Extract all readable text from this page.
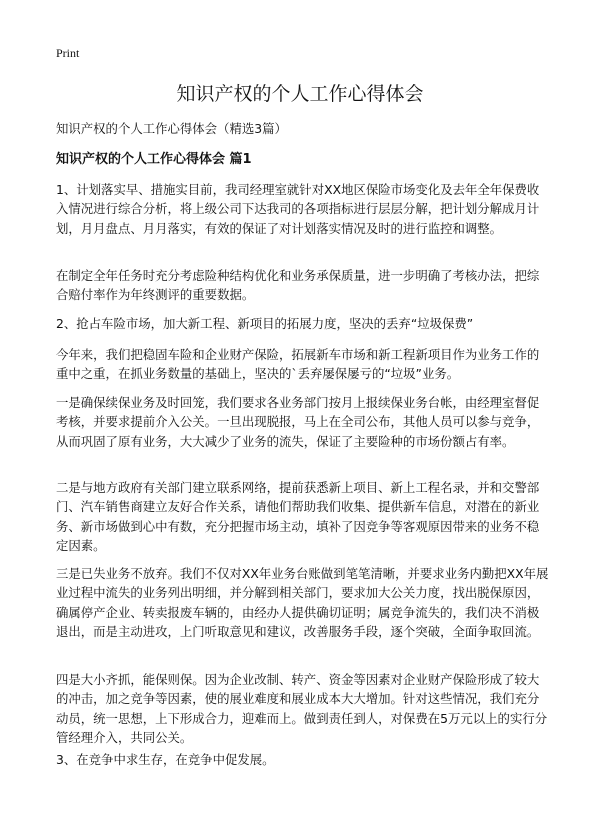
Print
知识产权的个人工作心得体会

知识产权的个人工作心得体会（精选3篇）

知识产权的个人工作心得体会 篇1

1、计划落实早、措施实目前，我司经理室就针对XX地区保险市场变化及去年全年保费收入情况进行综合分析，将上级公司下达我司的各项指标进行层层分解，把计划分解成月计划，月月盘点、月月落实，有效的保证了对计划落实情况及时的进行监控和调整。

在制定全年任务时充分考虑险种结构优化和业务承保质量，进一步明确了考核办法，把综合赔付率作为年终测评的重要数据。

2、抢占车险市场，加大新工程、新项目的拓展力度，坚决的丢弃“垃圾保费”

今年来，我们把稳固车险和企业财产保险，拓展新车市场和新工程新项目作为业务工作的重中之重，在抓业务数量的基础上，坚决的`丢弃屡保屡亏的“垃圾”业务。

一是确保续保业务及时回笼，我们要求各业务部门按月上报续保业务台帐，由经理室督促考核，并要求提前介入公关。一旦出现脱报，马上在全司公布，其他人员可以参与竞争，从而巩固了原有业务，大大减少了业务的流失，保证了主要险种的市场份额占有率。

二是与地方政府有关部门建立联系网络，提前获悉新上项目、新上工程名录，并和交警部门、汽车销售商建立友好合作关系，请他们帮助我们收集、提供新车信息，对潜在的新业务、新市场做到心中有数，充分把握市场主动，填补了因竞争等客观原因带来的业务不稳定因素。

三是已失业务不放弃。我们不仅对XX年业务台账做到笔笔清晰，并要求业务内勤把XX年展业过程中流失的业务列出明细，并分解到相关部门，要求加大公关力度，找出脱保原因，确属停产企业、转卖报废车辆的，由经办人提供确切证明；属竞争流失的，我们决不消极退出，而是主动进攻，上门听取意见和建议，改善服务手段，逐个突破，全面争取回流。

四是大小齐抓，能保则保。因为企业改制、转产、资金等因素对企业财产保险形成了较大的冲击，加之竞争等因素，使的展业难度和展业成本大大增加。针对这些情况，我们充分动员，统一思想，上下形成合力，迎难而上。做到责任到人，对保费在5万元以上的实行分管经理介入，共同公关。

3、在竞争中求生存，在竞争中促发展。
